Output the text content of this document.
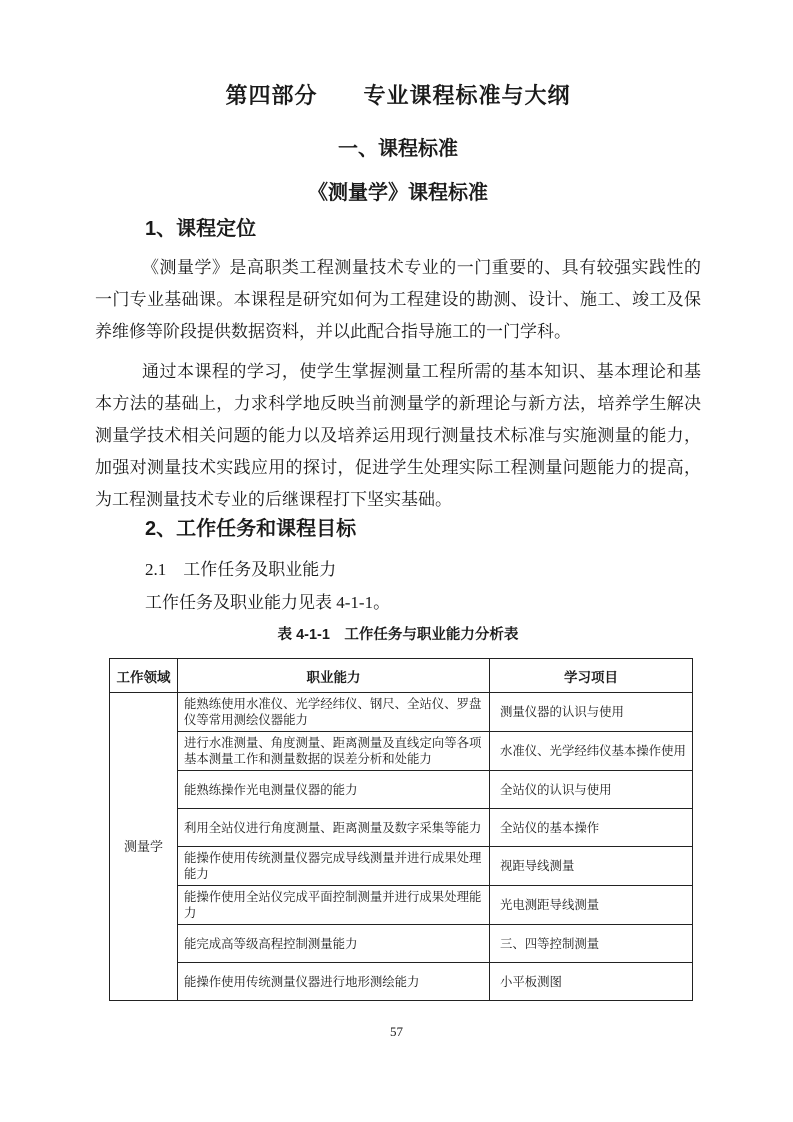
第四部分　　专业课程标准与大纲
一、课程标准
《测量学》课程标准
1、课程定位

《测量学》是高职类工程测量技术专业的一门重要的、具有较强实践性的一门专业基础课。本课程是研究如何为工程建设的勘测、设计、施工、竣工及保养维修等阶段提供数据资料，并以此配合指导施工的一门学科。

通过本课程的学习，使学生掌握测量工程所需的基本知识、基本理论和基本方法的基础上，力求科学地反映当前测量学的新理论与新方法，培养学生解决测量学技术相关问题的能力以及培养运用现行测量技术标准与实施测量的能力，加强对测量技术实践应用的探讨，促进学生处理实际工程测量问题能力的提高，为工程测量技术专业的后继课程打下坚实基础。

2、工作任务和课程目标
2.1　工作任务及职业能力

工作任务及职业能力见表 4-1-1。

表 4-1-1　工作任务与职业能力分析表
工作领域	职业能力	学习项目
测量学	能熟练使用水准仪、光学经纬仪、钢尺、全站仪、罗盘仪等常用测绘仪器能力	测量仪器的认识与使用
	进行水准测量、角度测量、距离测量及直线定向等各项基本测量工作和测量数据的误差分析和处能力	水准仪、光学经纬仪基本操作使用
	能熟练操作光电测量仪器的能力	全站仪的认识与使用
	利用全站仪进行角度测量、距离测量及数字采集等能力	全站仪的基本操作
	能操作使用传统测量仪器完成导线测量并进行成果处理能力	视距导线测量
	能操作使用全站仪完成平面控制测量并进行成果处理能力	光电测距导线测量
	能完成高等级高程控制测量能力	三、四等控制测量
	能操作使用传统测量仪器进行地形测绘能力	小平板测图
57
